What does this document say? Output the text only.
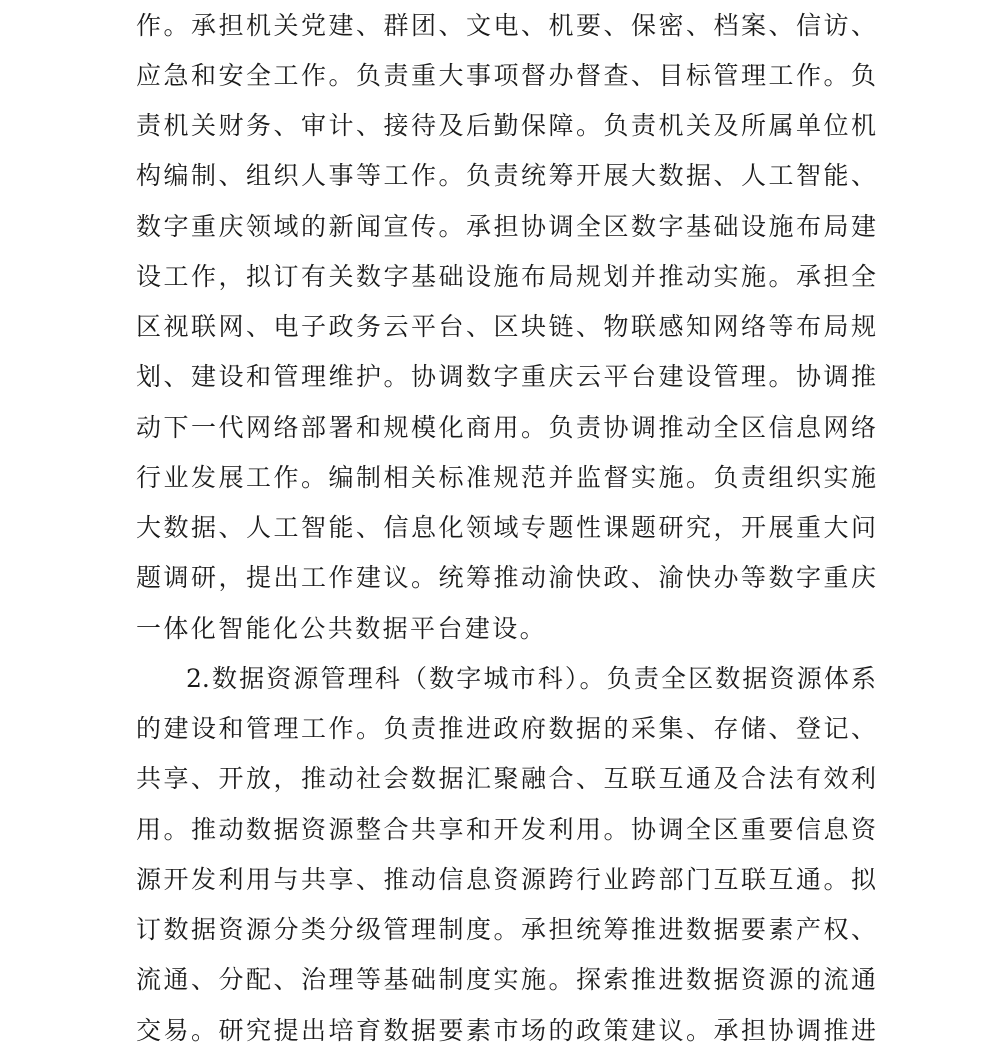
作。承担机关党建、群团、文电、机要、保密、档案、信访、

应急和安全工作。负责重大事项督办督查、目标管理工作。负

责机关财务、审计、接待及后勤保障。负责机关及所属单位机

构编制、组织人事等工作。负责统筹开展大数据、人工智能、

数字重庆领域的新闻宣传。承担协调全区数字基础设施布局建

设工作，拟订有关数字基础设施布局规划并推动实施。承担全

区视联网、电子政务云平台、区块链、物联感知网络等布局规

划、建设和管理维护。协调数字重庆云平台建设管理。协调推

动下一代网络部署和规模化商用。负责协调推动全区信息网络

行业发展工作。编制相关标准规范并监督实施。负责组织实施

大数据、人工智能、信息化领域专题性课题研究，开展重大问

题调研，提出工作建议。统筹推动渝快政、渝快办等数字重庆

一体化智能化公共数据平台建设。

2.数据资源管理科（数字城市科）。负责全区数据资源体系

的建设和管理工作。负责推进政府数据的采集、存储、登记、

共享、开放，推动社会数据汇聚融合、互联互通及合法有效利

用。推动数据资源整合共享和开发利用。协调全区重要信息资

源开发利用与共享、推动信息资源跨行业跨部门互联互通。拟

订数据资源分类分级管理制度。承担统筹推进数据要素产权、

流通、分配、治理等基础制度实施。探索推进数据资源的流通

交易。研究提出培育数据要素市场的政策建议。承担协调推进
